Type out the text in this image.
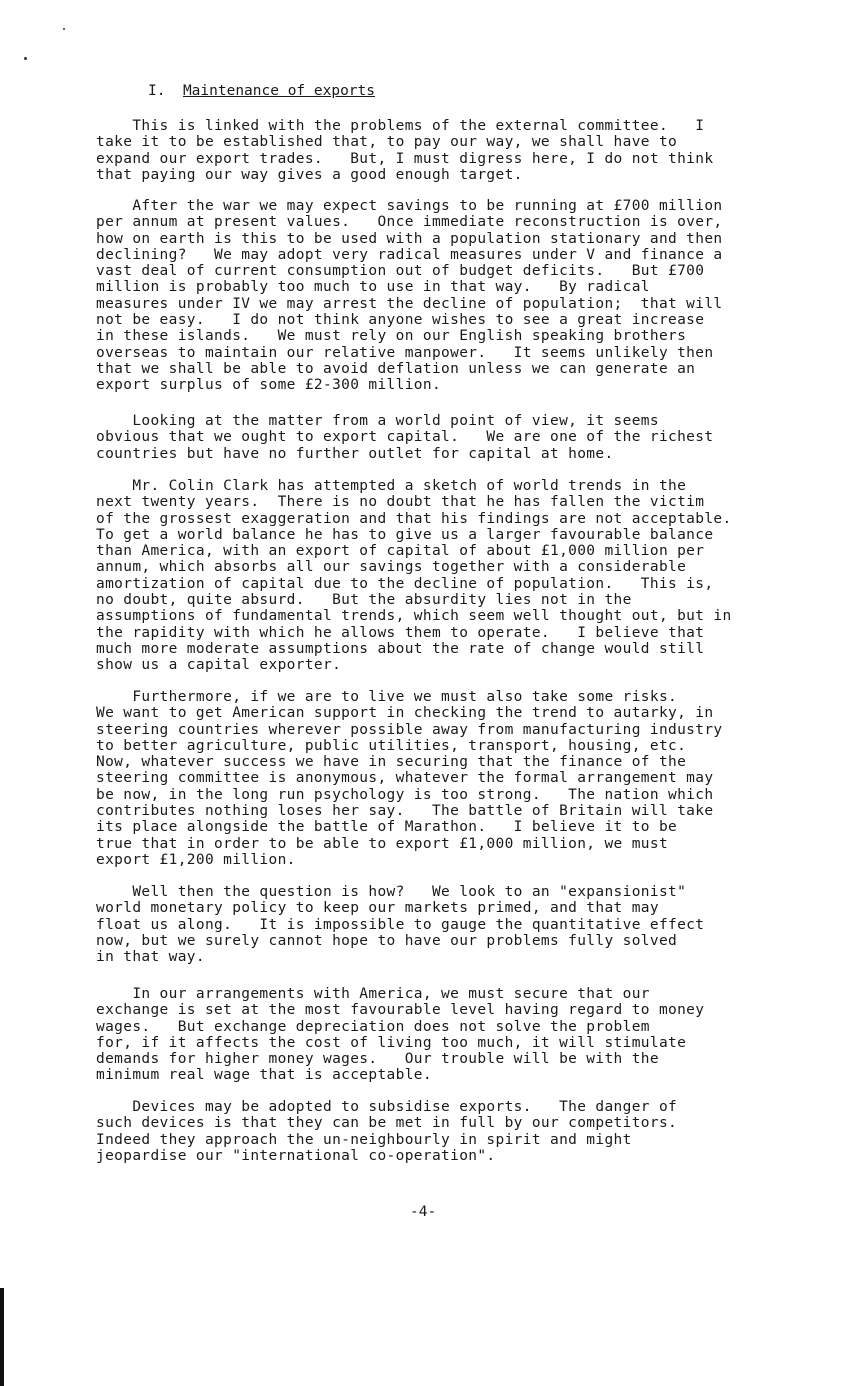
I. Maintenance of exports
This is linked with the problems of the external committee.   I
take it to be established that, to pay our way, we shall have to
expand our export trades.   But, I must digress here, I do not think
that paying our way gives a good enough target.
After the war we may expect savings to be running at £700 million
per annum at present values.   Once immediate reconstruction is over,
how on earth is this to be used with a population stationary and then
declining?   We may adopt very radical measures under V and finance a
vast deal of current consumption out of budget deficits.   But £700
million is probably too much to use in that way.   By radical
measures under IV we may arrest the decline of population;  that will
not be easy.   I do not think anyone wishes to see a great increase
in these islands.   We must rely on our English speaking brothers
overseas to maintain our relative manpower.   It seems unlikely then
that we shall be able to avoid deflation unless we can generate an
export surplus of some £2-300 million.
Looking at the matter from a world point of view, it seems
obvious that we ought to export capital.   We are one of the richest
countries but have no further outlet for capital at home.
Mr. Colin Clark has attempted a sketch of world trends in the
next twenty years.  There is no doubt that he has fallen the victim
of the grossest exaggeration and that his findings are not acceptable.
To get a world balance he has to give us a larger favourable balance
than America, with an export of capital of about £1,000 million per
annum, which absorbs all our savings together with a considerable
amortization of capital due to the decline of population.   This is,
no doubt, quite absurd.   But the absurdity lies not in the
assumptions of fundamental trends, which seem well thought out, but in
the rapidity with which he allows them to operate.   I believe that
much more moderate assumptions about the rate of change would still
show us a capital exporter.
Furthermore, if we are to live we must also take some risks.
We want to get American support in checking the trend to autarky, in
steering countries wherever possible away from manufacturing industry
to better agriculture, public utilities, transport, housing, etc.
Now, whatever success we have in securing that the finance of the
steering committee is anonymous, whatever the formal arrangement may
be now, in the long run psychology is too strong.   The nation which
contributes nothing loses her say.   The battle of Britain will take
its place alongside the battle of Marathon.   I believe it to be
true that in order to be able to export £1,000 million, we must
export £1,200 million.
Well then the question is how?   We look to an "expansionist"
world monetary policy to keep our markets primed, and that may
float us along.   It is impossible to gauge the quantitative effect
now, but we surely cannot hope to have our problems fully solved
in that way.
In our arrangements with America, we must secure that our
exchange is set at the most favourable level having regard to money
wages.   But exchange depreciation does not solve the problem
for, if it affects the cost of living too much, it will stimulate
demands for higher money wages.   Our trouble will be with the
minimum real wage that is acceptable.
Devices may be adopted to subsidise exports.   The danger of
such devices is that they can be met in full by our competitors.
Indeed they approach the un-neighbourly in spirit and might
jeopardise our "international co-operation".
-4-
